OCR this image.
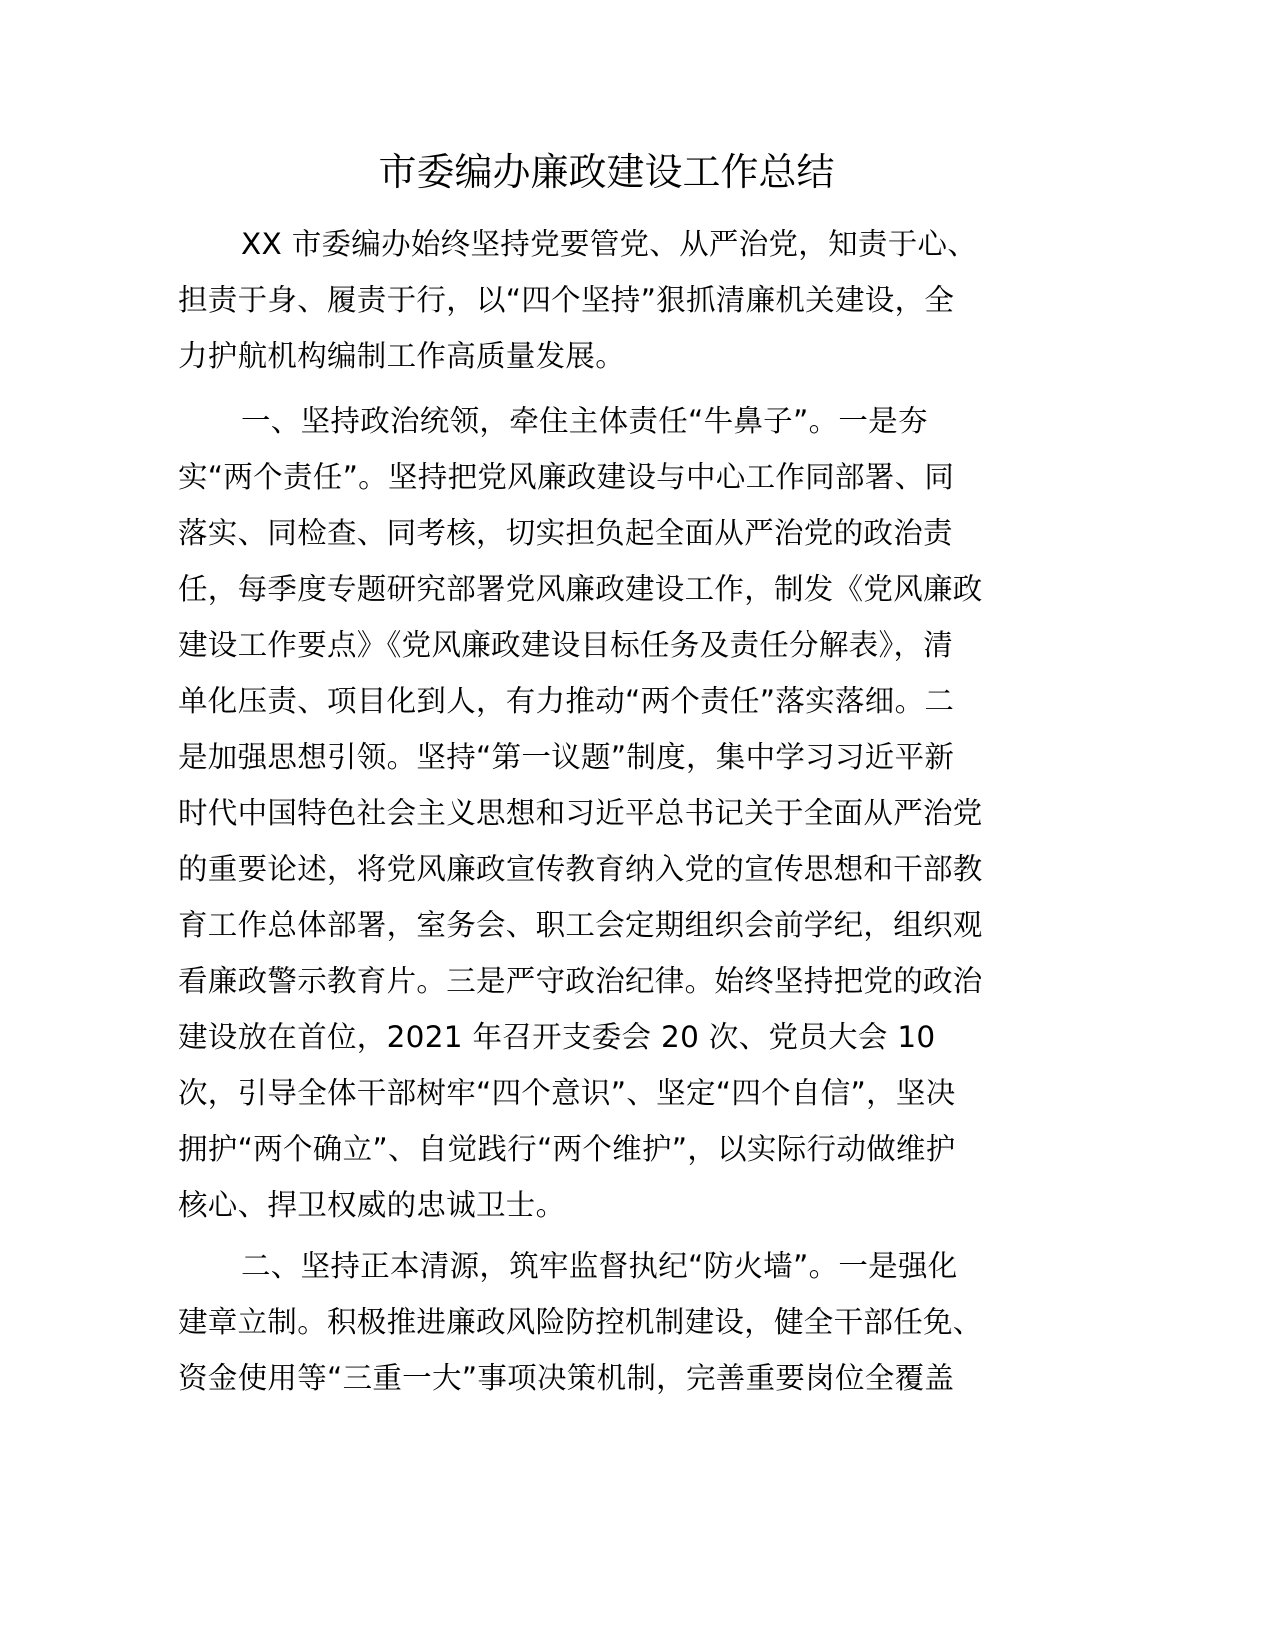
市委编办廉政建设工作总结
XX 市委编办始终坚持党要管党、从严治党，知责于心、
担责于身、履责于行，以“四个坚持”狠抓清廉机关建设，全
力护航机构编制工作高质量发展。
一、坚持政治统领，牵住主体责任“牛鼻子”。一是夯
实“两个责任”。坚持把党风廉政建设与中心工作同部署、同
落实、同检查、同考核，切实担负起全面从严治党的政治责
任，每季度专题研究部署党风廉政建设工作，制发《党风廉政
建设工作要点》《党风廉政建设目标任务及责任分解表》，清
单化压责、项目化到人，有力推动“两个责任”落实落细。二
是加强思想引领。坚持“第一议题”制度，集中学习习近平新
时代中国特色社会主义思想和习近平总书记关于全面从严治党
的重要论述，将党风廉政宣传教育纳入党的宣传思想和干部教
育工作总体部署，室务会、职工会定期组织会前学纪，组织观
看廉政警示教育片。三是严守政治纪律。始终坚持把党的政治
建设放在首位，2021 年召开支委会 20 次、党员大会 10
次，引导全体干部树牢“四个意识”、坚定“四个自信”，坚决
拥护“两个确立”、自觉践行“两个维护”，以实际行动做维护
核心、捍卫权威的忠诚卫士。
二、坚持正本清源，筑牢监督执纪“防火墙”。一是强化
建章立制。积极推进廉政风险防控机制建设，健全干部任免、
资金使用等“三重一大”事项决策机制，完善重要岗位全覆盖
